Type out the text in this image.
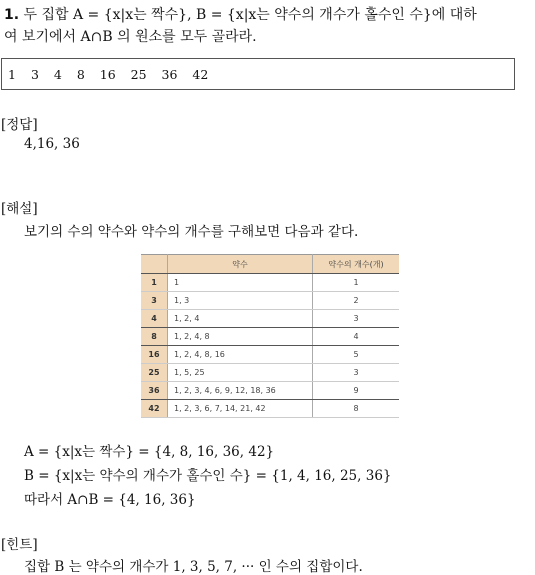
1. 두 집합 A = {x|x는 짝수}, B = {x|x는 약수의 개수가 홀수인 수}에 대하
여 보기에서 A∩B 의 원소를 모두 골라라.
1 3 4 8 16 25 36 42
[정답]
4,16, 36
[해설]
보기의 수의 약수와 약수의 개수를 구해보면 다음과 같다.
	약수	약수의 개수(개)
1	1	1
3	1, 3	2
4	1, 2, 4	3
8	1, 2, 4, 8	4
16	1, 2, 4, 8, 16	5
25	1, 5, 25	3
36	1, 2, 3, 4, 6, 9, 12, 18, 36	9
42	1, 2, 3, 6, 7, 14, 21, 42	8
A = {x|x는 짝수} = {4, 8, 16, 36, 42}
B = {x|x는 약수의 개수가 홀수인 수} = {1, 4, 16, 25, 36}
따라서 A∩B = {4, 16, 36}
[힌트]
집합 B 는 약수의 개수가 1, 3, 5, 7, ··· 인 수의 집합이다.
